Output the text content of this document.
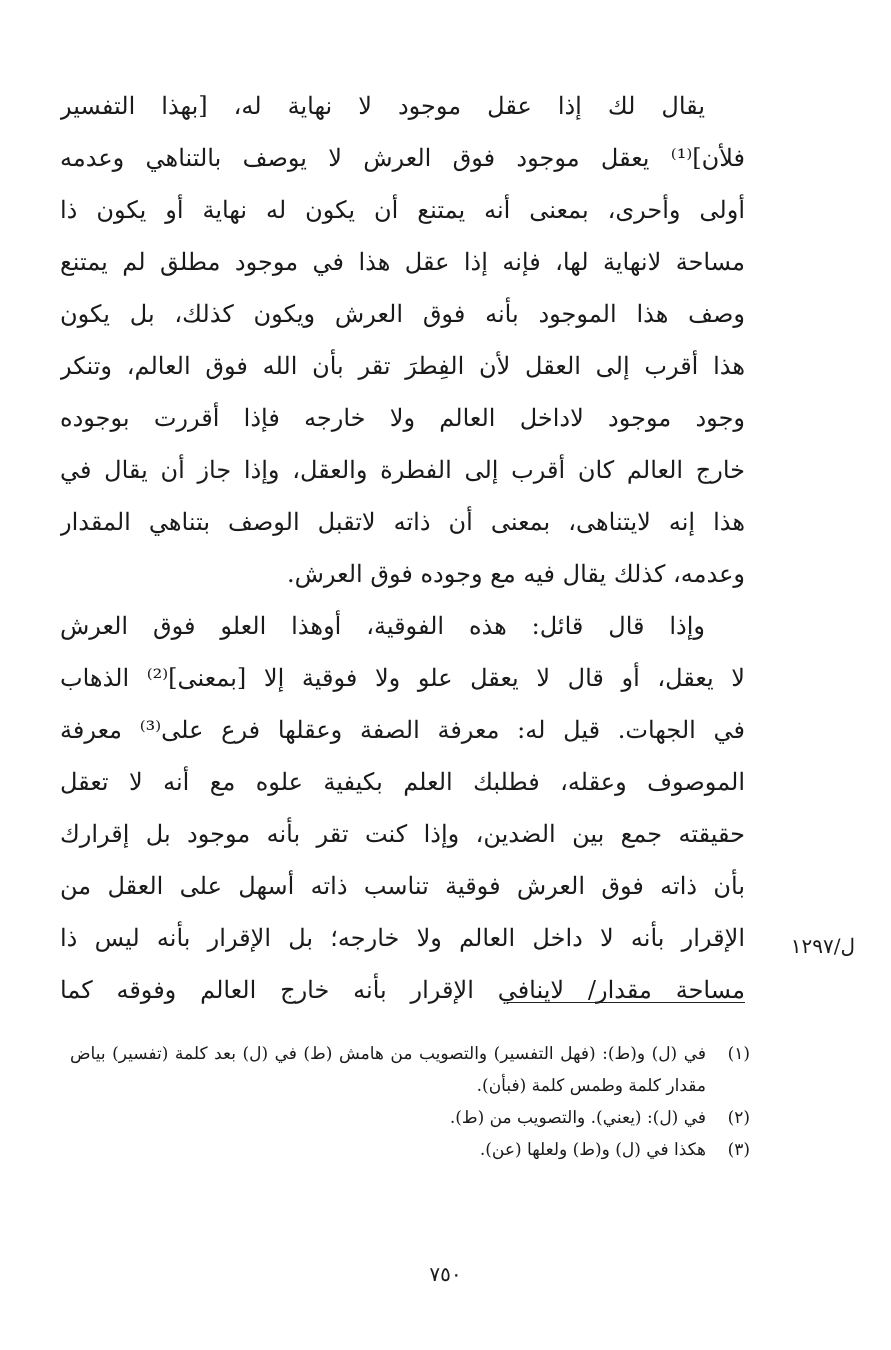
يقال لك إذا عقل موجود لا نهاية له، [بهذا التفسير
فلأن]⁽¹⁾ يعقل موجود فوق العرش لا يوصف بالتناهي وعدمه
أولى وأحرى، بمعنى أنه يمتنع أن يكون له نهاية أو يكون ذا
مساحة لانهاية لها، فإنه إذا عقل هذا في موجود مطلق لم يمتنع
وصف هذا الموجود بأنه فوق العرش ويكون كذلك، بل يكون
هذا أقرب إلى العقل لأن الفِطرَ تقر بأن الله فوق العالم، وتنكر
وجود موجود لاداخل العالم ولا خارجه فإذا أقررت بوجوده
خارج العالم كان أقرب إلى الفطرة والعقل، وإذا جاز أن يقال في
هذا إنه لايتناهى، بمعنى أن ذاته لاتقبل الوصف بتناهي المقدار
وعدمه، كذلك يقال فيه مع وجوده فوق العرش.
وإذا قال قائل: هذه الفوقية، أوهذا العلو فوق العرش
لا يعقل، أو قال لا يعقل علو ولا فوقية إلا [بمعنى]⁽²⁾ الذهاب
في الجهات. قيل له: معرفة الصفة وعقلها فرع على⁽³⁾ معرفة
الموصوف وعقله، فطلبك العلم بكيفية علوه مع أنه لا تعقل
حقيقته جمع بين الضدين، وإذا كنت تقر بأنه موجود بل إقرارك
بأن ذاته فوق العرش فوقية تناسب ذاته أسهل على العقل من
الإقرار بأنه لا داخل العالم ولا خارجه؛ بل الإقرار بأنه ليس ذا
مساحة مقدار/ لاينافي الإقرار بأنه خارج العالم وفوقه كما
ل/١٢٩٧
(١)
في (ل) و(ط): (فهل التفسير) والتصويب من هامش (ط) في (ل) بعد كلمة (تفسير) بياض مقدار كلمة وطمس كلمة (فبأن).
(٢)
في (ل): (يعني). والتصويب من (ط).
(٣)
هكذا في (ل) و(ط) ولعلها (عن).
٧٥٠
